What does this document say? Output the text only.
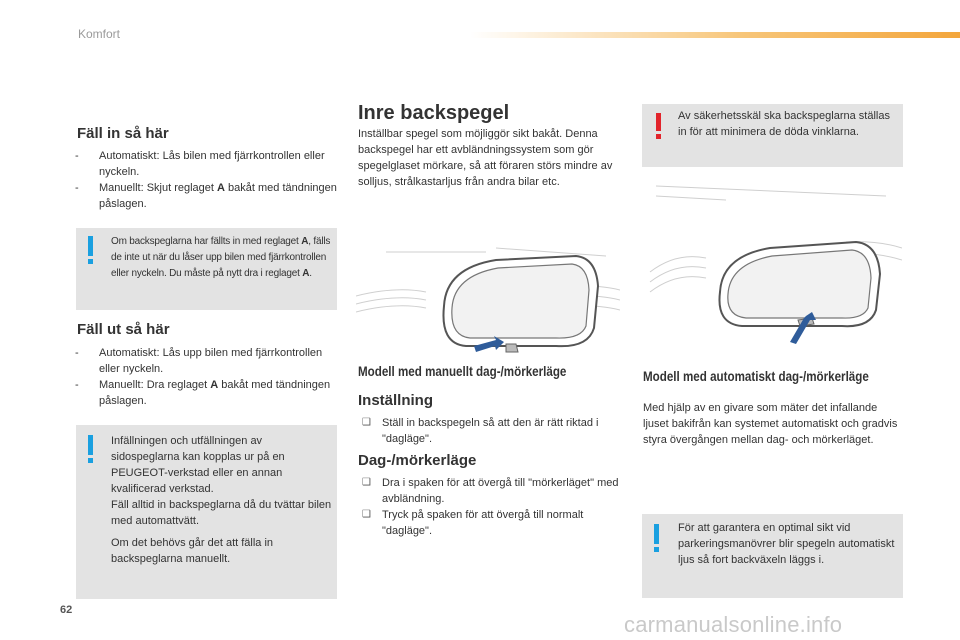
Komfort
Fäll in så här
- Automatiskt: Lås bilen med fjärrkontrollen eller nyckeln.
- Manuellt: Skjut reglaget A bakåt med tändningen påslagen.
Om backspeglarna har fällts in med reglaget A, fälls de inte ut när du låser upp bilen med fjärrkontrollen eller nyckeln. Du måste på nytt dra i reglaget A.
Fäll ut så här
- Automatiskt: Lås upp bilen med fjärrkontrollen eller nyckeln.
- Manuellt: Dra reglaget A bakåt med tändningen påslagen.
Infällningen och utfällningen av sidospeglarna kan kopplas ur på en PEUGEOT-verkstad eller en annan kvalificerad verkstad.
Fäll alltid in backspeglarna då du tvättar bilen med automattvätt.
Om det behövs går det att fälla in backspeglarna manuellt.
Inre backspegel
Inställbar spegel som möjliggör sikt bakåt. Denna backspegel har ett avbländningssystem som gör spegelglaset mörkare, så att föraren störs mindre av solljus, strålkastarljus från andra bilar etc.
Modell med manuellt dag-/mörkerläge
Inställning
❑ Ställ in backspegeln så att den är rätt riktad i "dagläge".
Dag-/mörkerläge
❑ Dra i spaken för att övergå till "mörkerläget" med avbländning.
❑ Tryck på spaken för att övergå till normalt "dagläge".
Av säkerhetsskäl ska backspeglarna ställas in för att minimera de döda vinklarna.
Modell med automatiskt dag-/mörkerläge
Med hjälp av en givare som mäter det infallande ljuset bakifrån kan systemet automatiskt och gradvis styra övergången mellan dag- och mörkerläget.
För att garantera en optimal sikt vid parkeringsmanövrer blir spegeln automatiskt ljus så fort backväxeln läggs i.
62
carmanualsonline.info
